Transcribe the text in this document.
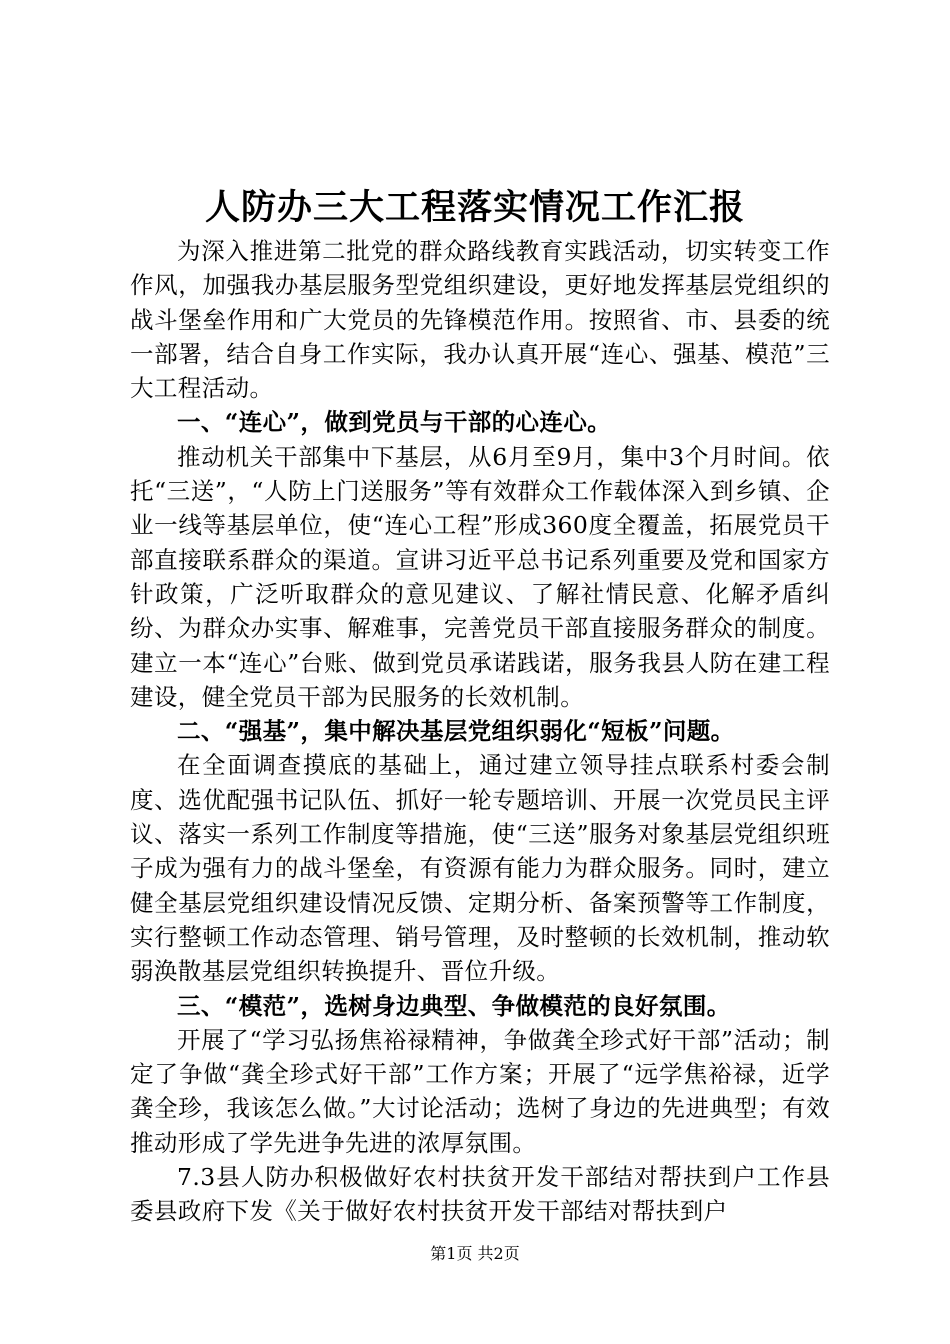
人防办三大工程落实情况工作汇报

为深入推进第二批党的群众路线教育实践活动，切实转变工作作风，加强我办基层服务型党组织建设，更好地发挥基层党组织的战斗堡垒作用和广大党员的先锋模范作用。按照省、市、县委的统一部署，结合自身工作实际，我办认真开展“连心、强基、模范”三大工程活动。

一、“连心”，做到党员与干部的心连心。

推动机关干部集中下基层，从6月至9月，集中3个月时间。依托“三送”，“人防上门送服务”等有效群众工作载体深入到乡镇、企业一线等基层单位，使“连心工程”形成360度全覆盖，拓展党员干部直接联系群众的渠道。宣讲习近平总书记系列重要及党和国家方针政策，广泛听取群众的意见建议、了解社情民意、化解矛盾纠纷、为群众办实事、解难事，完善党员干部直接服务群众的制度。建立一本“连心”台账、做到党员承诺践诺，服务我县人防在建工程建设，健全党员干部为民服务的长效机制。

二、“强基”，集中解决基层党组织弱化“短板”问题。

在全面调查摸底的基础上，通过建立领导挂点联系村委会制度、选优配强书记队伍、抓好一轮专题培训、开展一次党员民主评议、落实一系列工作制度等措施，使“三送”服务对象基层党组织班子成为强有力的战斗堡垒，有资源有能力为群众服务。同时，建立健全基层党组织建设情况反馈、定期分析、备案预警等工作制度，实行整顿工作动态管理、销号管理，及时整顿的长效机制，推动软弱涣散基层党组织转换提升、晋位升级。

三、“模范”，选树身边典型、争做模范的良好氛围。

开展了“学习弘扬焦裕禄精神，争做龚全珍式好干部”活动；制定了争做“龚全珍式好干部”工作方案；开展了“远学焦裕禄，近学龚全珍，我该怎么做。”大讨论活动；选树了身边的先进典型；有效推动形成了学先进争先进的浓厚氛围。

7.3县人防办积极做好农村扶贫开发干部结对帮扶到户工作县委县政府下发《关于做好农村扶贫开发干部结对帮扶到户

第1页 共2页
